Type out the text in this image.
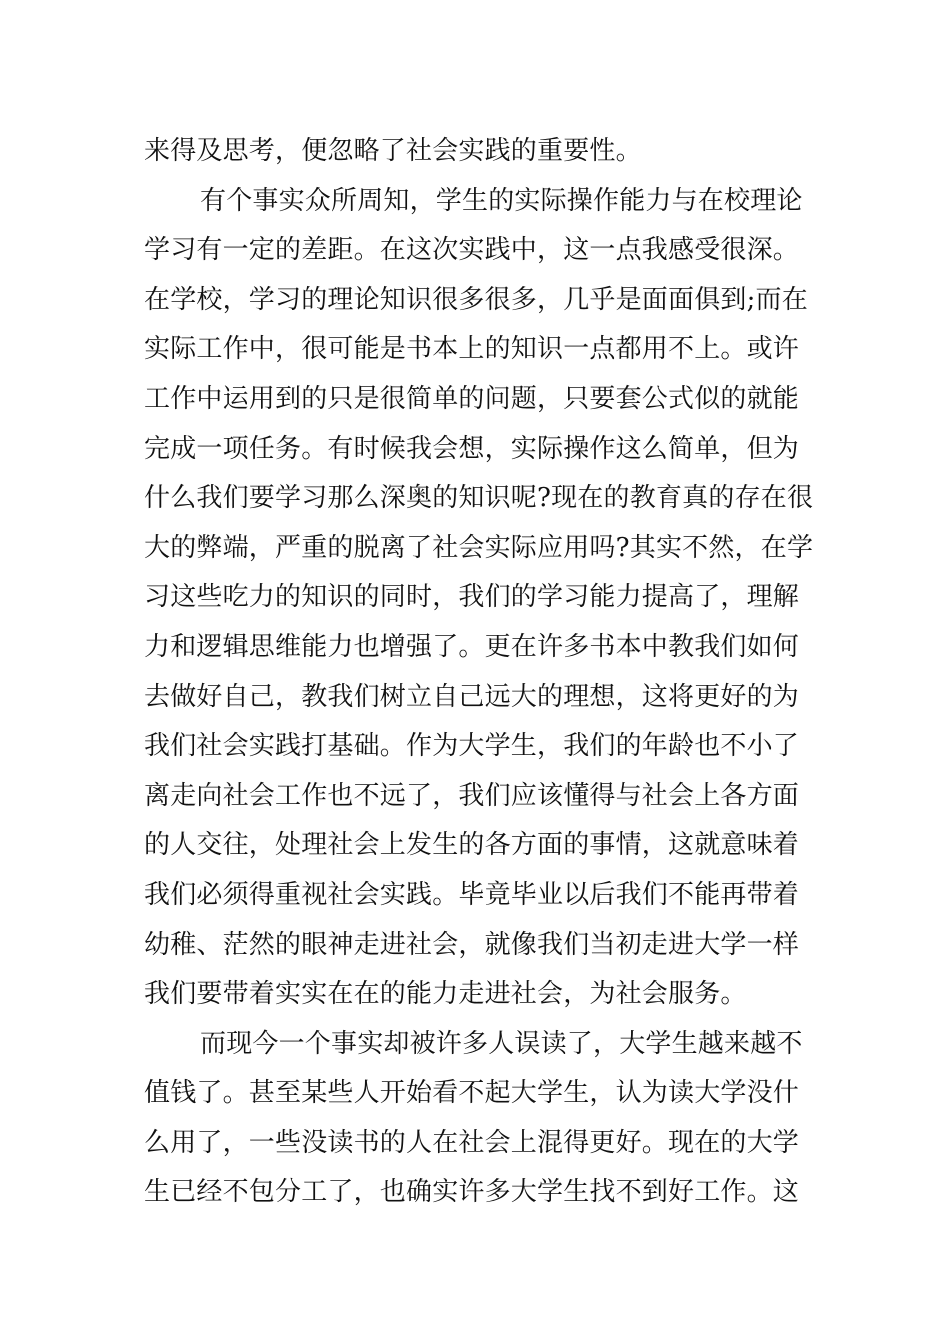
来得及思考，便忽略了社会实践的重要性。
有个事实众所周知，学生的实际操作能力与在校理论
学习有一定的差距。在这次实践中，这一点我感受很深。
在学校，学习的理论知识很多很多，几乎是面面俱到;而在
实际工作中，很可能是书本上的知识一点都用不上。或许
工作中运用到的只是很简单的问题，只要套公式似的就能
完成一项任务。有时候我会想，实际操作这么简单，但为
什么我们要学习那么深奥的知识呢?现在的教育真的存在很
大的弊端，严重的脱离了社会实际应用吗?其实不然，在学
习这些吃力的知识的同时，我们的学习能力提高了，理解
力和逻辑思维能力也增强了。更在许多书本中教我们如何
去做好自己，教我们树立自己远大的理想，这将更好的为
我们社会实践打基础。作为大学生，我们的年龄也不小了
离走向社会工作也不远了，我们应该懂得与社会上各方面
的人交往，处理社会上发生的各方面的事情，这就意味着
我们必须得重视社会实践。毕竟毕业以后我们不能再带着
幼稚、茫然的眼神走进社会，就像我们当初走进大学一样
我们要带着实实在在的能力走进社会，为社会服务。
而现今一个事实却被许多人误读了，大学生越来越不
值钱了。甚至某些人开始看不起大学生，认为读大学没什
么用了，一些没读书的人在社会上混得更好。现在的大学
生已经不包分工了，也确实许多大学生找不到好工作。这
